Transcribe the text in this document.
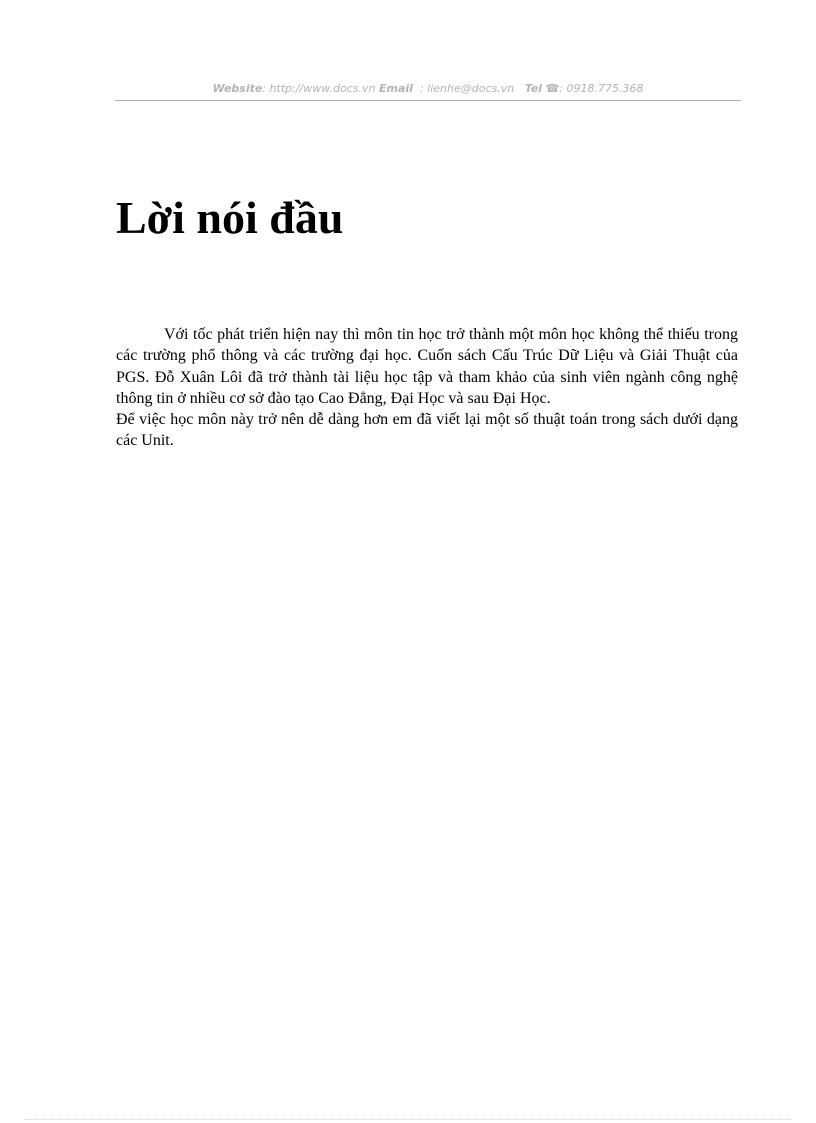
Website: http://www.docs.vn Email : lienhe@docs.vn Tel ☎: 0918.775.368
Lời nói đầu

Với tốc phát triển hiện nay thì môn tin học trở thành một môn học không thể thiếu trong các trường phổ thông và các trường đại học. Cuốn sách Cấu Trúc Dữ Liệu và Giải Thuật của PGS. Đỗ Xuân Lôi đã trở thành tài liệu học tập và tham khảo của sinh viên ngành công nghệ thông tin ở nhiều cơ sở đào tạo Cao Đẳng, Đại Học và sau Đại Học.

Để việc học môn này trở nên dễ dàng hơn em đã viết lại một số thuật toán trong sách dưới dạng các Unit.
